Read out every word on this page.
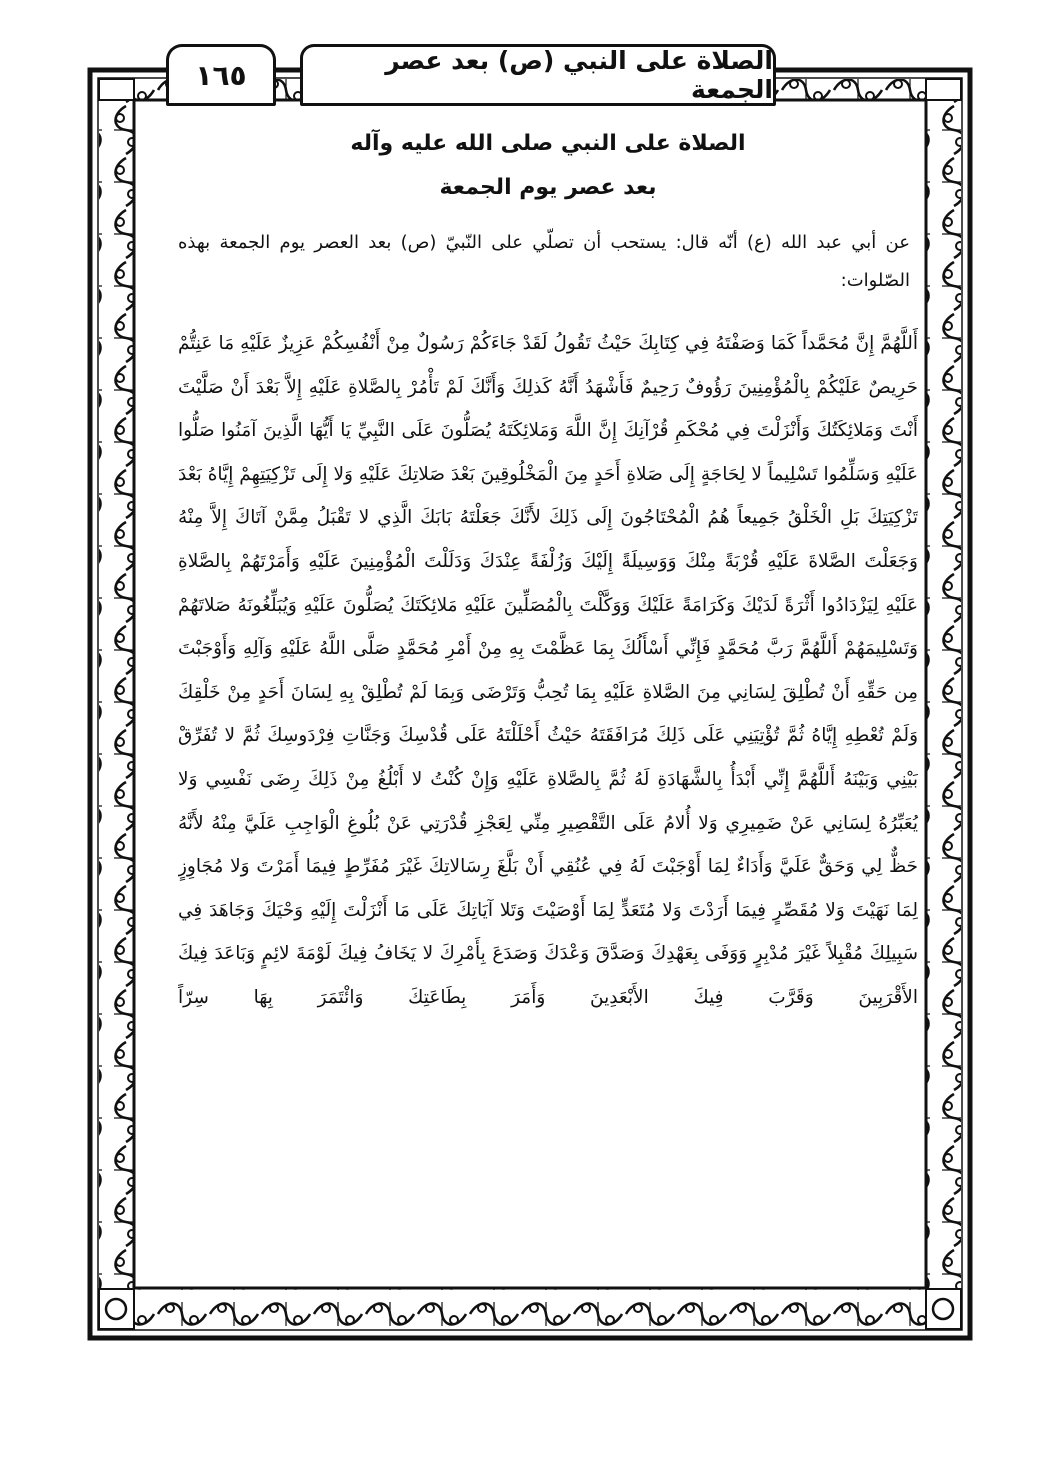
١٦٥	الصلاة على النبي (ص) بعد عصر الجمعة

الصلاة على النبي صلى الله عليه وآله

بعد عصر يوم الجمعة

عن أبي عبد الله (ع) أنّه قال: يستحب أن تصلّي على النّبيّ (ص) بعد العصر يوم الجمعة بهذه الصّلوات:

أَللَّهُمَّ إِنَّ مُحَمَّداً كَمَا وَصَفْتَهُ فِي كِتَابِكَ حَيْثُ تَقُولُ لَقَدْ جَاءَكُمْ رَسُولٌ مِنْ أَنْفُسِكُمْ عَزِيزٌ عَلَيْهِ مَا عَنِتُّمْ حَرِيصٌ عَلَيْكُمْ بِالْمُؤْمِنِينَ رَؤُوفٌ رَحِيمٌ فَأَشْهَدُ أَنَّهُ كَذلِكَ وَأَنَّكَ لَمْ تَأْمُرْ بِالصَّلاةِ عَلَيْهِ إِلاَّ بَعْدَ أَنْ صَلَّيْتَ أَنْتَ وَمَلائِكَتُكَ وَأَنْزَلْتَ فِي مُحْكَمِ قُرْآنِكَ إِنَّ اللَّهَ وَمَلائِكَتَهُ يُصَلُّونَ عَلَى النَّبِيِّ يَا أَيُّهَا الَّذِينَ آمَنُوا صَلُّوا عَلَيْهِ وَسَلِّمُوا تَسْلِيماً لا لِحَاجَةٍ إِلَى صَلاةِ أَحَدٍ مِنَ الْمَخْلُوقِينَ بَعْدَ صَلاتِكَ عَلَيْهِ وَلا إِلَى تَزْكِيَتِهِمْ إِيَّاهُ بَعْدَ تَزْكِيَتِكَ بَلِ الْخَلْقُ جَمِيعاً هُمُ الْمُحْتَاجُونَ إِلَى ذَلِكَ لأَنَّكَ جَعَلْتَهُ بَابَكَ الَّذِي لا تَقْبَلُ مِمَّنْ آتَاكَ إِلاَّ مِنْهُ وَجَعَلْتَ الصَّلاةَ عَلَيْهِ قُرْبَةً مِنْكَ وَوَسِيلَةً إِلَيْكَ وَزُلْفَةً عِنْدَكَ وَدَلَلْتَ الْمُؤْمِنِينَ عَلَيْهِ وَأَمَرْتَهُمْ بِالصَّلاةِ عَلَيْهِ لِيَزْدَادُوا أَثْرَةً لَدَيْكَ وَكَرَامَةً عَلَيْكَ وَوَكَّلْتَ بِالْمُصَلِّينَ عَلَيْهِ مَلائِكَتَكَ يُصَلُّونَ عَلَيْهِ وَيُبَلِّغُونَهُ صَلاتَهُمْ وَتَسْلِيمَهُمْ أَللَّهُمَّ رَبَّ مُحَمَّدٍ فَإِنِّي أَسْأَلُكَ بِمَا عَظَّمْتَ بِهِ مِنْ أَمْرِ مُحَمَّدٍ صَلَّى اللَّهُ عَلَيْهِ وَآلِهِ وَأَوْجَبْتَ مِن حَقِّهِ أَنْ تُطْلِقَ لِسَانِي مِنَ الصَّلاةِ عَلَيْهِ بِمَا تُحِبُّ وَتَرْضَى وَبِمَا لَمْ تُطْلِقْ بِهِ لِسَانَ أَحَدٍ مِنْ خَلْقِكَ وَلَمْ تُعْطِهِ إِيَّاهُ ثُمَّ تُؤْتِيَنِي عَلَى ذَلِكَ مُرَافَقَتَهُ حَيْثُ أَحْلَلْتَهُ عَلَى قُدْسِكَ وَجَنَّاتِ فِرْدَوسِكَ ثُمَّ لا تُفَرِّقْ بَيْنِي وَبَيْنَهُ أَللَّهُمَّ إِنِّي أَبْدَأُ بِالشَّهَادَةِ لَهُ ثُمَّ بِالصَّلاةِ عَلَيْهِ وَإِنْ كُنْتُ لا أَبْلُغُ مِنْ ذَلِكَ رِضَى نَفْسِي وَلا يُعَبِّرُهُ لِسَانِي عَنْ ضَمِيرِي وَلا أُلامُ عَلَى التَّقْصِيرِ مِنِّي لِعَجْزِ قُدْرَتِي عَنْ بُلُوغِ الْوَاجِبِ عَلَيَّ مِنْهُ لأَنَّهُ حَظٌّ لِي وَحَقٌّ عَلَيَّ وَأَدَاءٌ لِمَا أَوْجَبْتَ لَهُ فِي عُنُقِي أَنْ بَلَّغَ رِسَالاتِكَ غَيْرَ مُفَرِّطٍ فِيمَا أَمَرْتَ وَلا مُجَاوِزٍ لِمَا نَهَيْتَ وَلا مُقَصِّرٍ فِيمَا أَرَدْتَ وَلا مُتَعَدٍّ لِمَا أَوْصَيْتَ وَتَلا آيَاتِكَ عَلَى مَا أَنْزَلْتَ إِلَيْهِ وَحْيَكَ وَجَاهَدَ فِي سَبِيلِكَ مُقْبِلاً غَيْرَ مُدْبِرٍ وَوَفَى بِعَهْدِكَ وَصَدَّقَ وَعْدَكَ وَصَدَعَ بِأَمْرِكَ لا يَخَافُ فِيكَ لَوْمَةَ لائِمٍ وَبَاعَدَ فِيكَ الأَقْرَبِينَ وَقَرَّبَ فِيكَ الأَبْعَدِينَ وَأَمَرَ بِطَاعَتِكَ وَائْتَمَرَ بِهَا سِرّاً
